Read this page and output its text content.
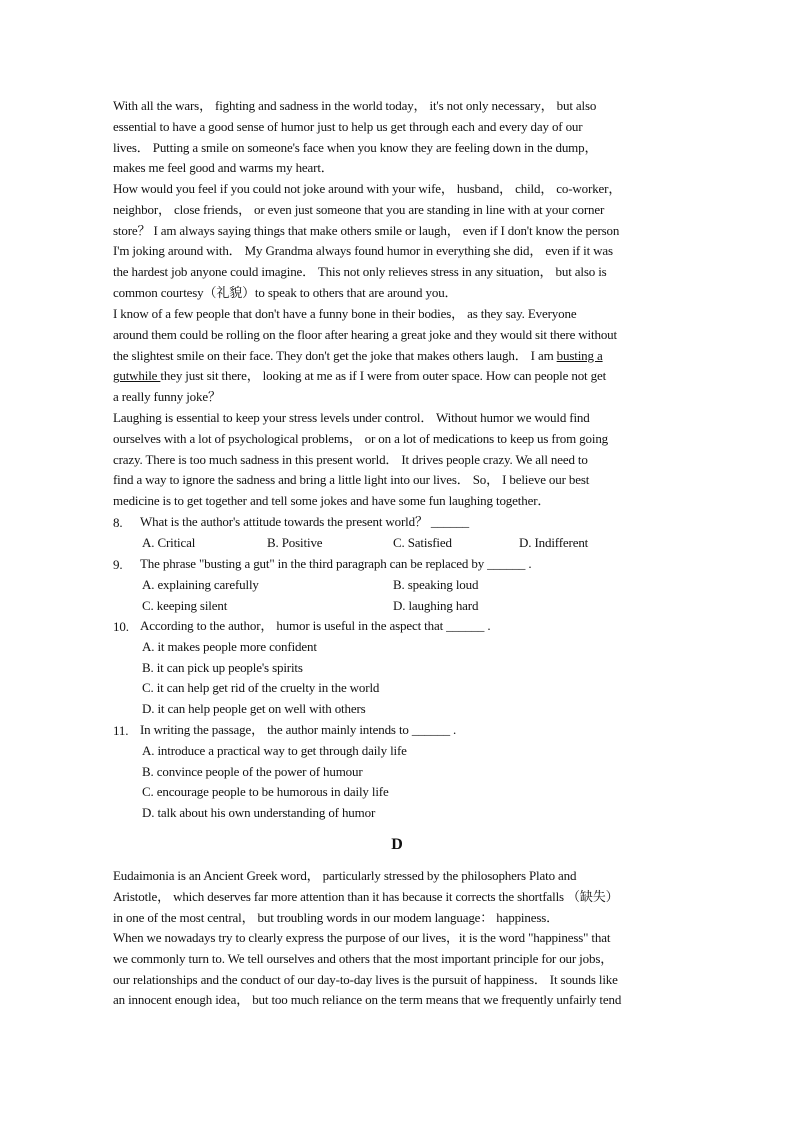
With all the wars， fighting and sadness in the world today， it's not only necessary， but also
essential to have a good sense of humor just to help us get through each and every day of our
lives． Putting a smile on someone's face when you know they are feeling down in the dump，
makes me feel good and warms my heart．
How would you feel if you could not joke around with your wife， husband， child， co-worker，
neighbor， close friends， or even just someone that you are standing in line with at your corner
store？ I am always saying things that make others smile or laugh， even if I don't know the person
I'm joking around with． My Grandma always found humor in everything she did， even if it was
the hardest job anyone could imagine． This not only relieves stress in any situation， but also is
common courtesy（礼貌）to speak to others that are around you．
I know of a few people that don't have a funny bone in their bodies， as they say. Everyone
around them could be rolling on the floor after hearing a great joke and they would sit there without
the slightest smile on their face. They don't get the joke that makes others laugh． I am busting a
gutwhile they just sit there， looking at me as if I were from outer space. How can people not get
a really funny joke？
Laughing is essential to keep your stress levels under control． Without humor we would find
ourselves with a lot of psychological problems， or on a lot of medications to keep us from going
crazy. There is too much sadness in this present world． It drives people crazy. We all need to
find a way to ignore the sadness and bring a little light into our lives． So， I believe our best
medicine is to get together and tell some jokes and have some fun laughing together．
8. What is the author's attitude towards the present world？ ______
A. Critical	B. Positive	C. Satisfied	D. Indifferent
9. The phrase "busting a gut" in the third paragraph can be replaced by ______ .
A. explaining carefully	B. speaking loud
C. keeping silent	D. laughing hard
10. According to the author， humor is useful in the aspect that ______ .
A. it makes people more confident
B. it can pick up people's spirits
C. it can help get rid of the cruelty in the world
D. it can help people get on well with others
11. In writing the passage， the author mainly intends to ______ .
A. introduce a practical way to get through daily life
B. convince people of the power of humour
C. encourage people to be humorous in daily life
D. talk about his own understanding of humor
D
Eudaimonia is an Ancient Greek word， particularly stressed by the philosophers Plato and
Aristotle， which deserves far more attention than it has because it corrects the shortfalls （缺失）
in one of the most central， but troubling words in our modem language： happiness．
When we nowadays try to clearly express the purpose of our lives，it is the word "happiness" that
we commonly turn to. We tell ourselves and others that the most important principle for our jobs，
our relationships and the conduct of our day-to-day lives is the pursuit of happiness． It sounds like
an innocent enough idea， but too much reliance on the term means that we frequently unfairly tend
